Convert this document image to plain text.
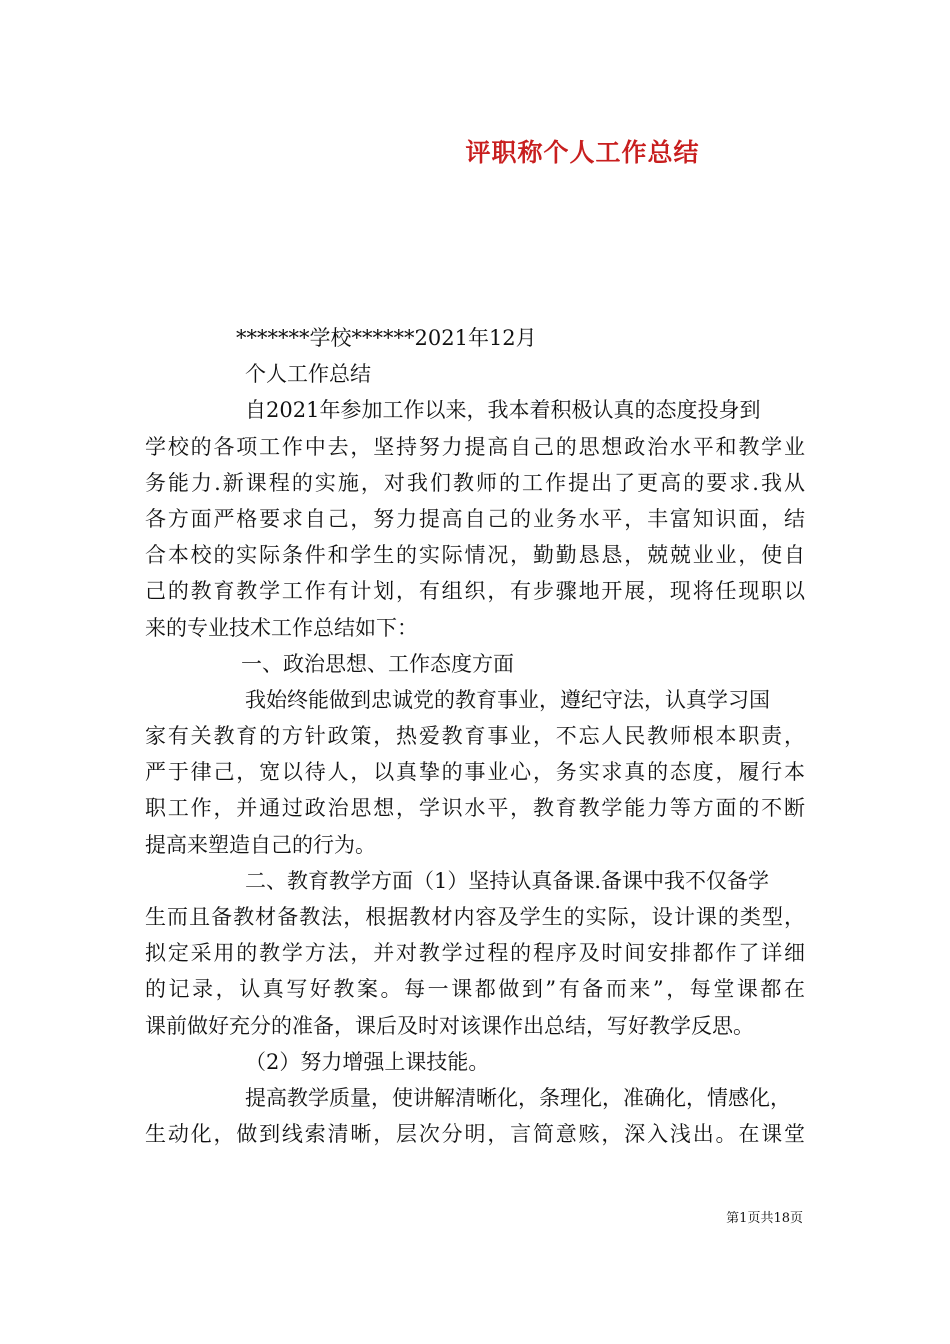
评职称个人工作总结
*******学校******2021年12月
个人工作总结
自2021年参加工作以来，我本着积极认真的态度投身到
学校的各项工作中去，坚持努力提高自己的思想政治水平和教学业
务能力.新课程的实施，对我们教师的工作提出了更高的要求.我从
各方面严格要求自己，努力提高自己的业务水平，丰富知识面，结
合本校的实际条件和学生的实际情况，勤勤恳恳，兢兢业业，使自
己的教育教学工作有计划，有组织，有步骤地开展，现将任现职以
来的专业技术工作总结如下：
一、政治思想、工作态度方面
我始终能做到忠诚党的教育事业，遵纪守法，认真学习国
家有关教育的方针政策，热爱教育事业，不忘人民教师根本职责，
严于律己，宽以待人，以真挚的事业心，务实求真的态度，履行本
职工作，并通过政治思想，学识水平，教育教学能力等方面的不断
提高来塑造自己的行为。
二、教育教学方面（1）坚持认真备课.备课中我不仅备学
生而且备教材备教法，根据教材内容及学生的实际，设计课的类型，
拟定采用的教学方法，并对教学过程的程序及时间安排都作了详细
的记录，认真写好教案。每一课都做到”有备而来”，每堂课都在
课前做好充分的准备，课后及时对该课作出总结，写好教学反思。
（2）努力增强上课技能。
提高教学质量，使讲解清晰化，条理化，准确化，情感化，
生动化，做到线索清晰，层次分明，言简意赅，深入浅出。在课堂
第1页共18页
